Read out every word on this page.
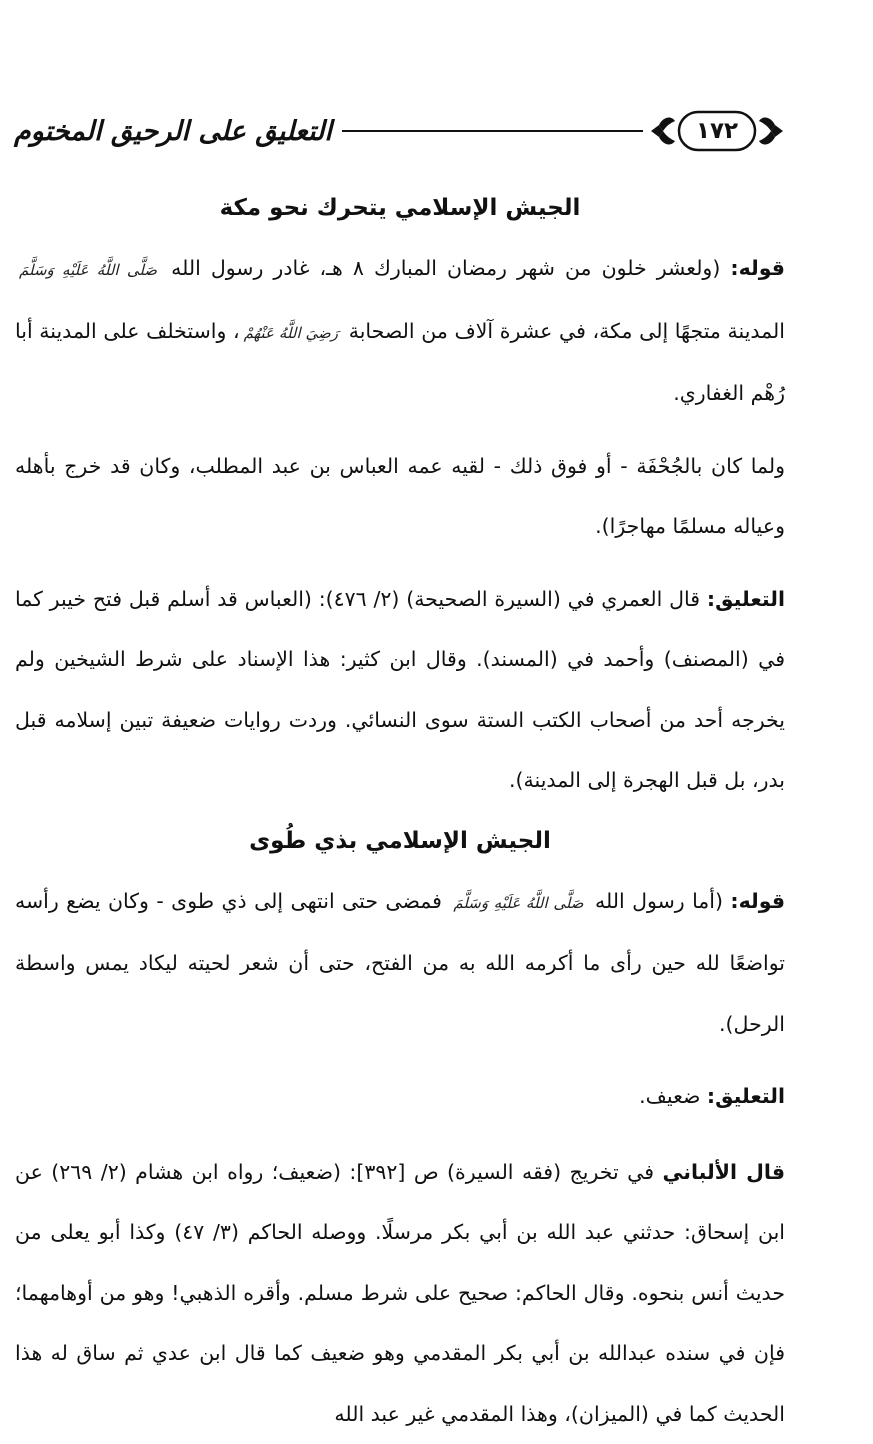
التعليق على الرحيق المختوم	١٧٢
الجيش الإسلامي يتحرك نحو مكة

قوله: (ولعشر خلون من شهر رمضان المبارك ٨ هـ، غادر رسول الله صَلَّى اللَّهُ عَلَيْهِ وَسَلَّمَ المدينة متجهًا إلى مكة، في عشرة آلاف من الصحابة رَضِيَ اللَّهُ عَنْهُمْ، واستخلف على المدينة أبا رُهْم الغفاري.

ولما كان بالجُحْفَة - أو فوق ذلك - لقيه عمه العباس بن عبد المطلب، وكان قد خرج بأهله وعياله مسلمًا مهاجرًا).

التعليق: قال العمري في (السيرة الصحيحة) (٢/ ٤٧٦): (العباس قد أسلم قبل فتح خيبر كما في (المصنف) وأحمد في (المسند). وقال ابن كثير: هذا الإسناد على شرط الشيخين ولم يخرجه أحد من أصحاب الكتب الستة سوى النسائي. وردت روايات ضعيفة تبين إسلامه قبل بدر، بل قبل الهجرة إلى المدينة).

الجيش الإسلامي بذي طُوى

قوله: (أما رسول الله صَلَّى اللَّهُ عَلَيْهِ وَسَلَّمَ فمضى حتى انتهى إلى ذي طوى - وكان يضع رأسه تواضعًا لله حين رأى ما أكرمه الله به من الفتح، حتى أن شعر لحيته ليكاد يمس واسطة الرحل).

التعليق: ضعيف.

قال الألباني في تخريج (فقه السيرة) ص [٣٩٢]: (ضعيف؛ رواه ابن هشام (٢/ ٢٦٩) عن ابن إسحاق: حدثني عبد الله بن أبي بكر مرسلًا. ووصله الحاكم (٣/ ٤٧) وكذا أبو يعلى من حديث أنس بنحوه. وقال الحاكم: صحيح على شرط مسلم. وأقره الذهبي! وهو من أوهامهما؛ فإن في سنده عبدالله بن أبي بكر المقدمي وهو ضعيف كما قال ابن عدي ثم ساق له هذا الحديث كما في (الميزان)، وهذا المقدمي غير عبد الله
